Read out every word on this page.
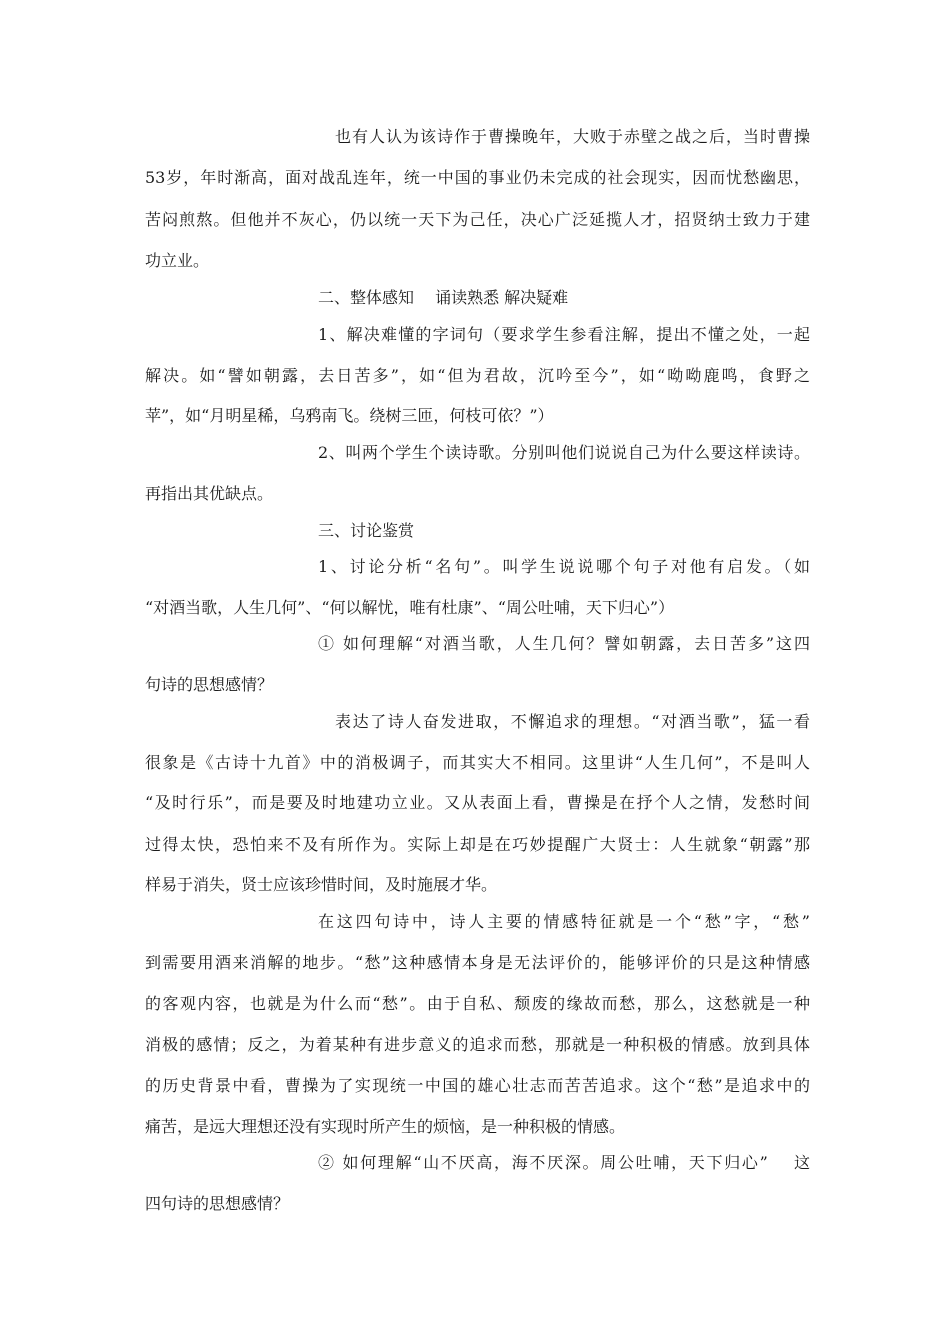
也有人认为该诗作于曹操晚年，大败于赤壁之战之后，当时曹操
53岁，年时渐高，面对战乱连年，统一中国的事业仍未完成的社会现实，因而忧愁幽思，
苦闷煎熬。但他并不灰心，仍以统一天下为己任，决心广泛延揽人才，招贤纳士致力于建
功立业。
二、整体感知　 诵读熟悉 解决疑难
1、解决难懂的字词句（要求学生参看注解，提出不懂之处，一起
解决。如“譬如朝露，去日苦多”，如“但为君故，沉吟至今”，如“呦呦鹿鸣，食野之
苹”，如“月明星稀，乌鸦南飞。绕树三匝，何枝可依？”）
2、叫两个学生个读诗歌。分别叫他们说说自己为什么要这样读诗。
再指出其优缺点。
三、讨论鉴赏
1、讨论分析“名句”。叫学生说说哪个句子对他有启发。（如
“对酒当歌，人生几何”、“何以解忧，唯有杜康”、“周公吐哺，天下归心”）
① 如何理解“对酒当歌，人生几何？譬如朝露，去日苦多”这四
句诗的思想感情？
表达了诗人奋发进取，不懈追求的理想。“对酒当歌”，猛一看
很象是《古诗十九首》中的消极调子，而其实大不相同。这里讲“人生几何”，不是叫人
“及时行乐”，而是要及时地建功立业。又从表面上看，曹操是在抒个人之情，发愁时间
过得太快，恐怕来不及有所作为。实际上却是在巧妙提醒广大贤士：人生就象“朝露”那
样易于消失，贤士应该珍惜时间，及时施展才华。
在这四句诗中，诗人主要的情感特征就是一个“愁”字，“愁”
到需要用酒来消解的地步。“愁”这种感情本身是无法评价的，能够评价的只是这种情感
的客观内容，也就是为什么而“愁”。由于自私、颓废的缘故而愁，那么，这愁就是一种
消极的感情；反之，为着某种有进步意义的追求而愁，那就是一种积极的情感。放到具体
的历史背景中看，曹操为了实现统一中国的雄心壮志而苦苦追求。这个“愁”是追求中的
痛苦，是远大理想还没有实现时所产生的烦恼，是一种积极的情感。
② 如何理解“山不厌高，海不厌深。周公吐哺，天下归心”　 这
四句诗的思想感情？
